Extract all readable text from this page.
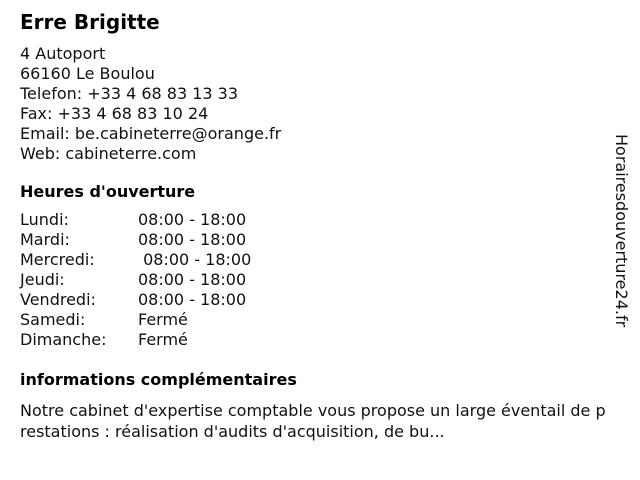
Erre Brigitte
4 Autoport
66160 Le Boulou
Telefon: +33 4 68 83 13 33
Fax: +33 4 68 83 10 24
Email: be.cabineterre@orange.fr
Web: cabineterre.com
Heures d'ouverture
Lundi:	08:00 - 18:00
Mardi:	08:00 - 18:00
Mercredi:	08:00 - 18:00
Jeudi:	08:00 - 18:00
Vendredi:	08:00 - 18:00
Samedi:	Fermé
Dimanche:	Fermé
informations complémentaires
Notre cabinet d'expertise comptable vous propose un large éventail de prestations : réalisation d'audits d'acquisition, de bu...
Horairesdouverture24.fr
